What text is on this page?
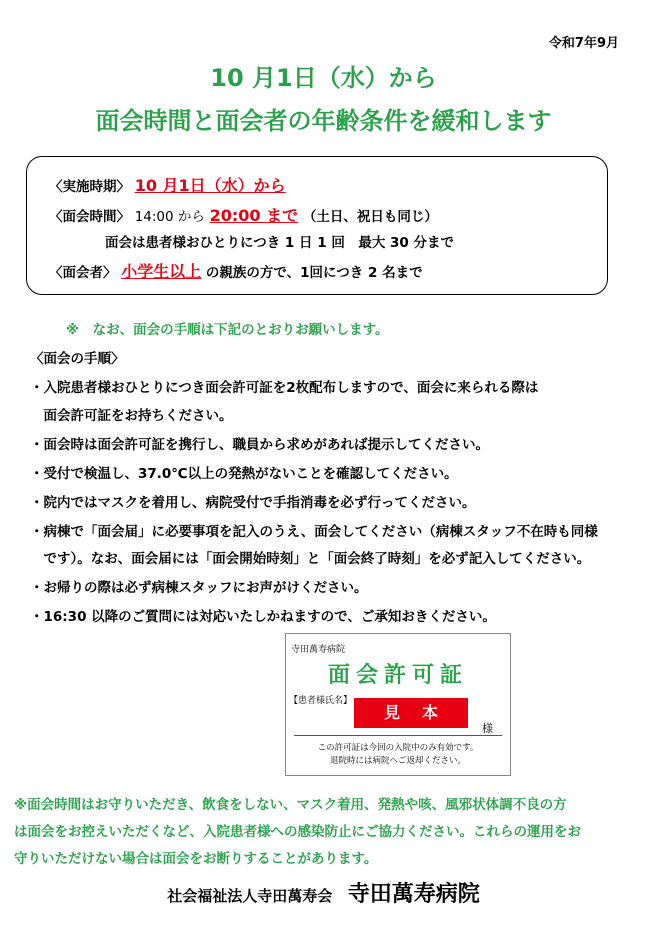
令和7年9月
10 月1日（水）から
面会時間と面会者の年齢条件を緩和します
〈実施時期〉 10 月1日（水）から
〈面会時間〉 14:00 から 20:00 まで （土日、祝日も同じ）
面会は患者様おひとりにつき 1 日 1 回　最大 30 分まで
〈面会者〉 小学生以上 の親族の方で、1回につき 2 名まで
※　なお、面会の手順は下記のとおりお願いします。
〈面会の手順〉
・入院患者様おひとりにつき面会許可証を2枚配布しますので、面会に来られる際は
　面会許可証をお持ちください。
・面会時は面会許可証を携行し、職員から求めがあれば提示してください。
・受付で検温し、37.0℃以上の発熱がないことを確認してください。
・院内ではマスクを着用し、病院受付で手指消毒を必ず行ってください。
・病棟で「面会届」に必要事項を記入のうえ、面会してください（病棟スタッフ不在時も同様
　です）。なお、面会届には「面会開始時刻」と「面会終了時刻」を必ず記入してください。
・お帰りの際は必ず病棟スタッフにお声がけください。
・16:30 以降のご質問には対応いたしかねますので、ご承知おきください。
寺田萬寿病院
面会許可証
【患者様氏名】
見本
様
この許可証は今回の入院中のみ有効です。
退院時には病院へご返却ください。
※面会時間はお守りいただき、飲食をしない、マスク着用、発熱や咳、風邪状体調不良の方
は面会をお控えいただくなど、入院患者様への感染防止にご協力ください。これらの運用をお
守りいただけない場合は面会をお断りすることがあります。
社会福祉法人寺田萬寿会 寺田萬寿病院
